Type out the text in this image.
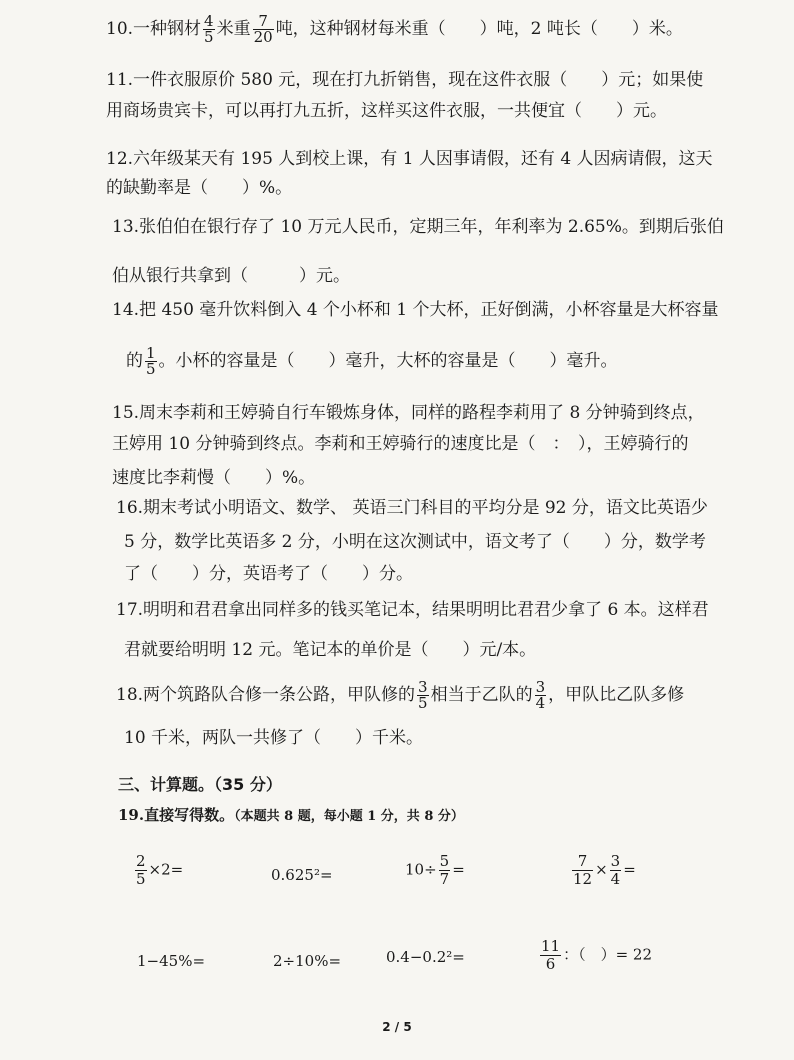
10.一种钢材 $\frac{4}{5}$ 米重 $\frac{7}{20}$ 吨，这种钢材每米重（　　）吨，2 吨长（　　）米。
11.一件衣服原价 580 元，现在打九折销售，现在这件衣服（　　）元；如果使
用商场贵宾卡，可以再打九五折，这样买这件衣服，一共便宜（　　）元。
12.六年级某天有 195 人到校上课，有 1 人因事请假，还有 4 人因病请假，这天
的缺勤率是（　　）%。
13.张伯伯在银行存了 10 万元人民币，定期三年，年利率为 2.65%。到期后张伯
伯从银行共拿到（　　　）元。
14.把 450 毫升饮料倒入 4 个小杯和 1 个大杯，正好倒满，小杯容量是大杯容量
的 $\frac{1}{5}$ 。小杯的容量是（　　）毫升，大杯的容量是（　　）毫升。
15.周末李莉和王婷骑自行车锻炼身体，同样的路程李莉用了 8 分钟骑到终点，
王婷用 10 分钟骑到终点。李莉和王婷骑行的速度比是（　：　），王婷骑行的
速度比李莉慢（　　）%。
16.期末考试小明语文、数学、 英语三门科目的平均分是 92 分，语文比英语少
5 分，数学比英语多 2 分，小明在这次测试中，语文考了（　　）分，数学考
了（　　）分，英语考了（　　）分。
17.明明和君君拿出同样多的钱买笔记本，结果明明比君君少拿了 6 本。这样君
君就要给明明 12 元。笔记本的单价是（　　）元/本。
18.两个筑路队合修一条公路，甲队修的 $\frac{3}{5}$ 相当于乙队的 $\frac{3}{4}$ ，甲队比乙队多修
10 千米，两队一共修了（　　）千米。
三、计算题。（35 分）
19.直接写得数。（本题共 8 题，每小题 1 分，共 8 分）
$\frac{2}{5} \times 2=$	0.625²=	$10\div \frac{5}{7}$ =	$\frac{7}{12} \times \frac{3}{4}$ =
1−45%=	2÷10%=	0.4−0.2²=	$\frac{11}{6}$ ：（　）= 22
2 / 5
